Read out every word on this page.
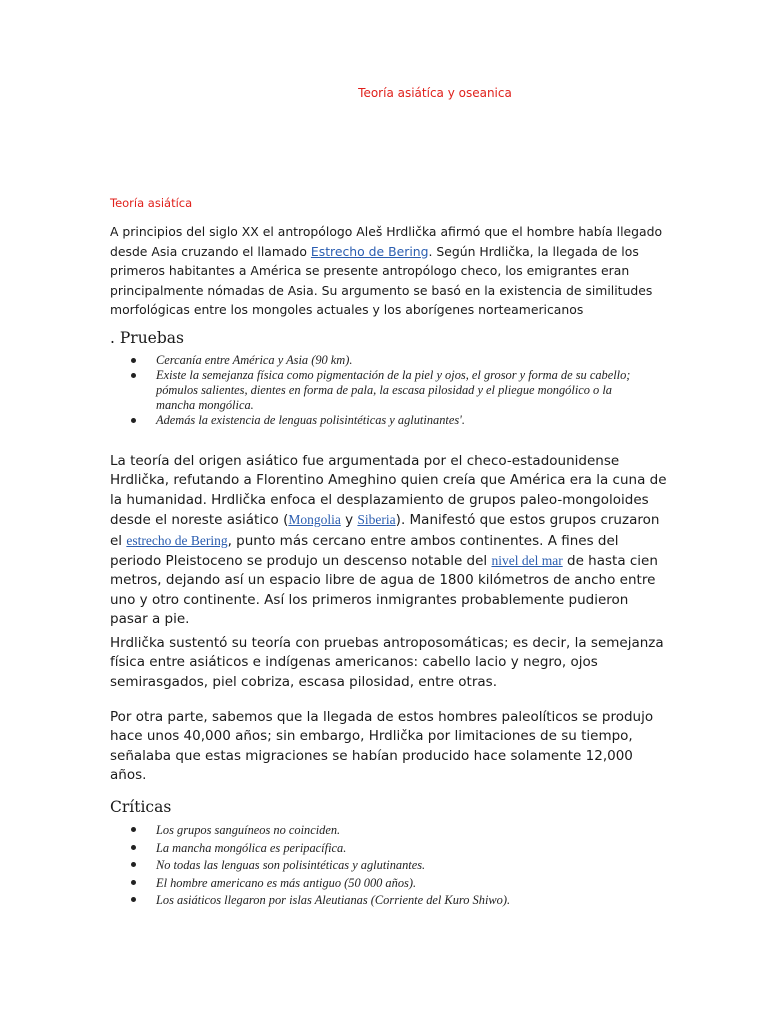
Teoría asiátíca y oseanica
Teoría asiátíca

A principios del siglo XX el antropólogo Aleš Hrdlička afirmó que el hombre había llegado desde Asia cruzando el llamado Estrecho de Bering. Según Hrdlička, la llegada de los primeros habitantes a América se presente antropólogo checo, los emigrantes eran principalmente nómadas de Asia. Su argumento se basó en la existencia de similitudes morfológicas entre los mongoles actuales y los aborígenes norteamericanos

. Pruebas
Cercanía entre América y Asia (90 km).
Existe la semejanza física como pigmentación de la piel y ojos, el grosor y forma de su cabello; pómulos salientes, dientes en forma de pala, la escasa pilosidad y el pliegue mongólico o la mancha mongólica.
Además la existencia de lenguas polisintéticas y aglutinantes'.

La teoría del origen asiático fue argumentada por el checo-estadounidense Hrdlička, refutando a Florentino Ameghino quien creía que América era la cuna de la humanidad. Hrdlička enfoca el desplazamiento de grupos paleo-mongoloides desde el noreste asiático (Mongolia y Siberia). Manifestó que estos grupos cruzaron el estrecho de Bering, punto más cercano entre ambos continentes. A fines del periodo Pleistoceno se produjo un descenso notable del nivel del mar de hasta cien metros, dejando así un espacio libre de agua de 1800 kilómetros de ancho entre uno y otro continente. Así los primeros inmigrantes probablemente pudieron pasar a pie.

Hrdlička sustentó su teoría con pruebas antroposomáticas; es decir, la semejanza física entre asiáticos e indígenas americanos: cabello lacio y negro, ojos semirasgados, piel cobriza, escasa pilosidad, entre otras.

Por otra parte, sabemos que la llegada de estos hombres paleolíticos se produjo hace unos 40,000 años; sin embargo, Hrdlička por limitaciones de su tiempo, señalaba que estas migraciones se habían producido hace solamente 12,000 años.

Críticas
Los grupos sanguíneos no coinciden.
La mancha mongólica es peripacífica.
No todas las lenguas son polisintéticas y aglutinantes.
El hombre americano es más antiguo (50 000 años).
Los asiáticos llegaron por islas Aleutianas (Corriente del Kuro Shiwo).
